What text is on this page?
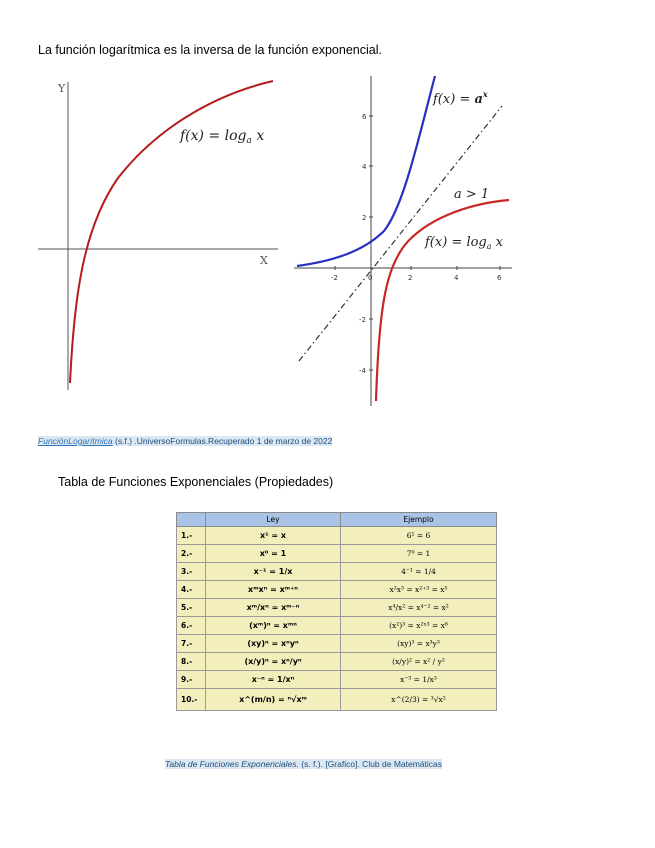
La función logarítmica es la inversa de la función exponencial.
Y
X
$f(x) = \log_a x$
-2	0	2	4	6
6
4
2
-2
-4
$f(x) = a^x$
a > 1
$f(x) = \log_a x$
FunciónLogarítmica (s.f.) .UniversoFormulas.Recuperado 1 de marzo de 2022
Tabla de Funciones Exponenciales (Propiedades)
	Ley	Ejemplo
1.-	x¹ = x	6¹ = 6
2.-	x⁰ = 1	7⁰ = 1
3.-	x⁻¹ = 1/x	4⁻¹ = 1/4
4.-	xᵐxⁿ = xᵐ⁺ⁿ	x²x³ = x²⁺³ = x⁵
5.-	xᵐ/xⁿ = xᵐ⁻ⁿ	x⁴/x² = x⁴⁻² = x²
6.-	(xᵐ)ⁿ = xᵐⁿ	(x²)³ = x²ˣ³ = x⁶
7.-	(xy)ⁿ = xⁿyⁿ	(xy)³ = x³y³
8.-	(x/y)ⁿ = xⁿ/yⁿ	(x/y)² = x² / y²
9.-	x⁻ⁿ = 1/xⁿ	x⁻³ = 1/x³
10.-	x^(m/n) = ⁿ√xᵐ	x^(2/3) = ³√x²
Tabla de Funciones Exponenciales. (s. f.). [Grafico]. Club de Matemáticas
